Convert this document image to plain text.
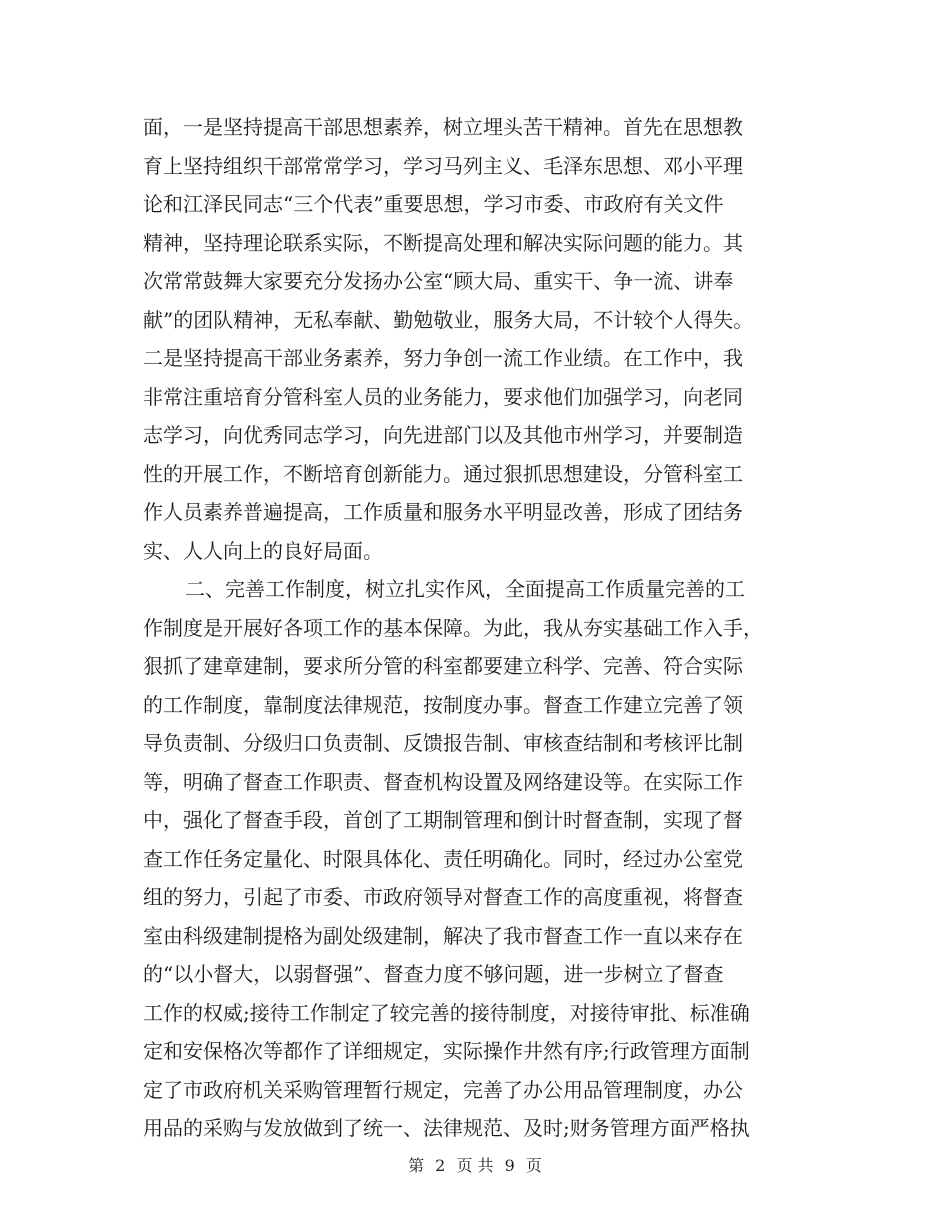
面，一是坚持提高干部思想素养，树立埋头苦干精神。首先在思想教
育上坚持组织干部常常学习，学习马列主义、毛泽东思想、邓小平理
论和江泽民同志“三个代表”重要思想，学习市委、市政府有关文件
精神，坚持理论联系实际，不断提高处理和解决实际问题的能力。其
次常常鼓舞大家要充分发扬办公室“顾大局、重实干、争一流、讲奉
献”的团队精神，无私奉献、勤勉敬业，服务大局，不计较个人得失。
二是坚持提高干部业务素养，努力争创一流工作业绩。在工作中，我
非常注重培育分管科室人员的业务能力，要求他们加强学习，向老同
志学习，向优秀同志学习，向先进部门以及其他市州学习，并要制造
性的开展工作，不断培育创新能力。通过狠抓思想建设，分管科室工
作人员素养普遍提高，工作质量和服务水平明显改善，形成了团结务
实、人人向上的良好局面。
二、完善工作制度，树立扎实作风，全面提高工作质量完善的工
作制度是开展好各项工作的基本保障。为此，我从夯实基础工作入手，
狠抓了建章建制，要求所分管的科室都要建立科学、完善、符合实际
的工作制度，靠制度法律规范，按制度办事。督查工作建立完善了领
导负责制、分级归口负责制、反馈报告制、审核查结制和考核评比制
等，明确了督查工作职责、督查机构设置及网络建设等。在实际工作
中，强化了督查手段，首创了工期制管理和倒计时督查制，实现了督
查工作任务定量化、时限具体化、责任明确化。同时，经过办公室党
组的努力，引起了市委、市政府领导对督查工作的高度重视，将督查
室由科级建制提格为副处级建制，解决了我市督查工作一直以来存在
的“以小督大，以弱督强”、督查力度不够问题，进一步树立了督查
工作的权威;接待工作制定了较完善的接待制度，对接待审批、标准确
定和安保格次等都作了详细规定，实际操作井然有序;行政管理方面制
定了市政府机关采购管理暂行规定，完善了办公用品管理制度，办公
用品的采购与发放做到了统一、法律规范、及时;财务管理方面严格执
第 2 页 共 9 页
